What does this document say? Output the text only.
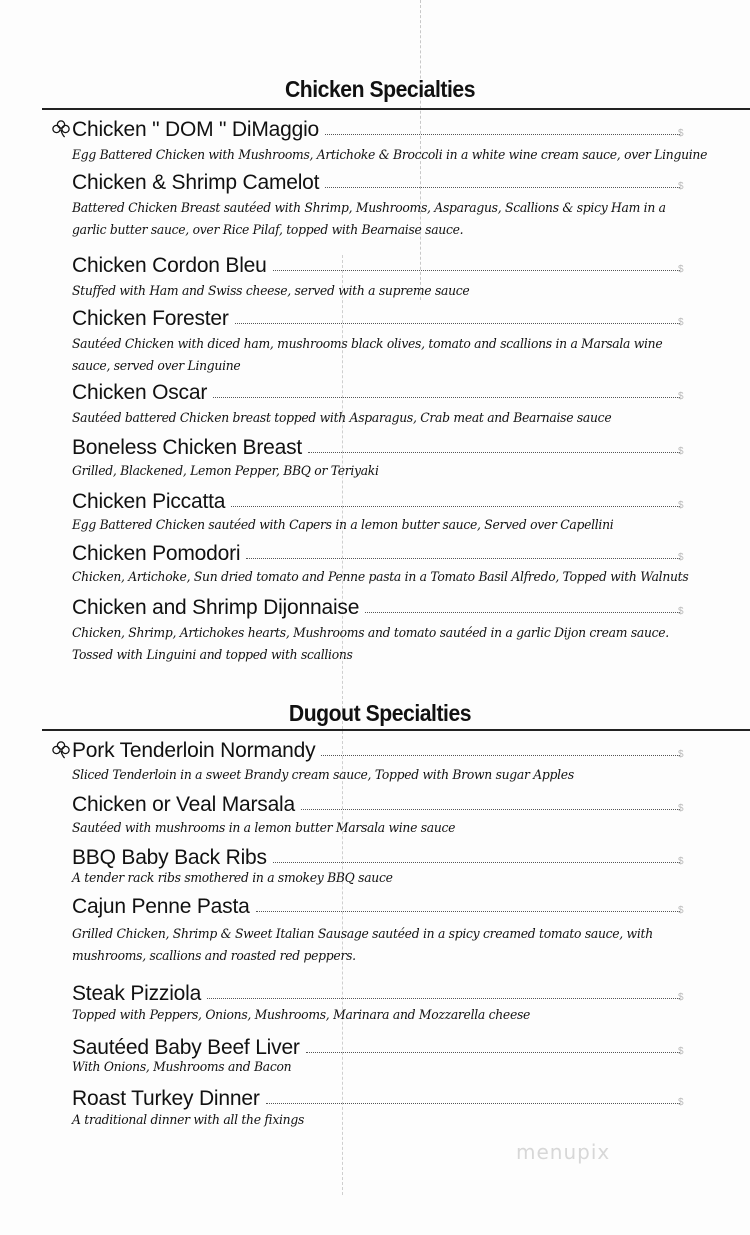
Chicken Specialties
Chicken " DOM " DiMaggio	$
Egg Battered Chicken with Mushrooms, Artichoke & Broccoli in a white wine cream sauce, over Linguine
Chicken & Shrimp Camelot	$
Battered Chicken Breast sautéed with Shrimp, Mushrooms, Asparagus, Scallions & spicy Ham in a
garlic butter sauce, over Rice Pilaf, topped with Bearnaise sauce.
Chicken Cordon Bleu	$
Stuffed with Ham and Swiss cheese, served with a supreme sauce
Chicken Forester	$
Sautéed Chicken with diced ham, mushrooms black olives, tomato and scallions in a Marsala wine
sauce, served over Linguine
Chicken Oscar	$
Sautéed battered Chicken breast topped with Asparagus, Crab meat and Bearnaise sauce
Boneless Chicken Breast	$
Grilled, Blackened, Lemon Pepper, BBQ or Teriyaki
Chicken Piccatta	$
Egg Battered Chicken sautéed with Capers in a lemon butter sauce, Served over Capellini
Chicken Pomodori	$
Chicken, Artichoke, Sun dried tomato and Penne pasta in a Tomato Basil Alfredo, Topped with Walnuts
Chicken and Shrimp Dijonnaise	$
Chicken, Shrimp, Artichokes hearts, Mushrooms and tomato sautéed in a garlic Dijon cream sauce.
Tossed with Linguini and topped with scallions
Dugout Specialties
Pork Tenderloin Normandy	$
Sliced Tenderloin in a sweet Brandy cream sauce, Topped with Brown sugar Apples
Chicken or Veal Marsala	$
Sautéed with mushrooms in a lemon butter Marsala wine sauce
BBQ Baby Back Ribs	$
A tender rack ribs smothered in a smokey BBQ sauce
Cajun Penne Pasta	$
Grilled Chicken, Shrimp & Sweet Italian Sausage sautéed in a spicy creamed tomato sauce, with
mushrooms, scallions and roasted red peppers.
Steak Pizziola	$
Topped with Peppers, Onions, Mushrooms, Marinara and Mozzarella cheese
Sautéed Baby Beef Liver	$
With Onions, Mushrooms and Bacon
Roast Turkey Dinner	$
A traditional dinner with all the fixings
menupix
